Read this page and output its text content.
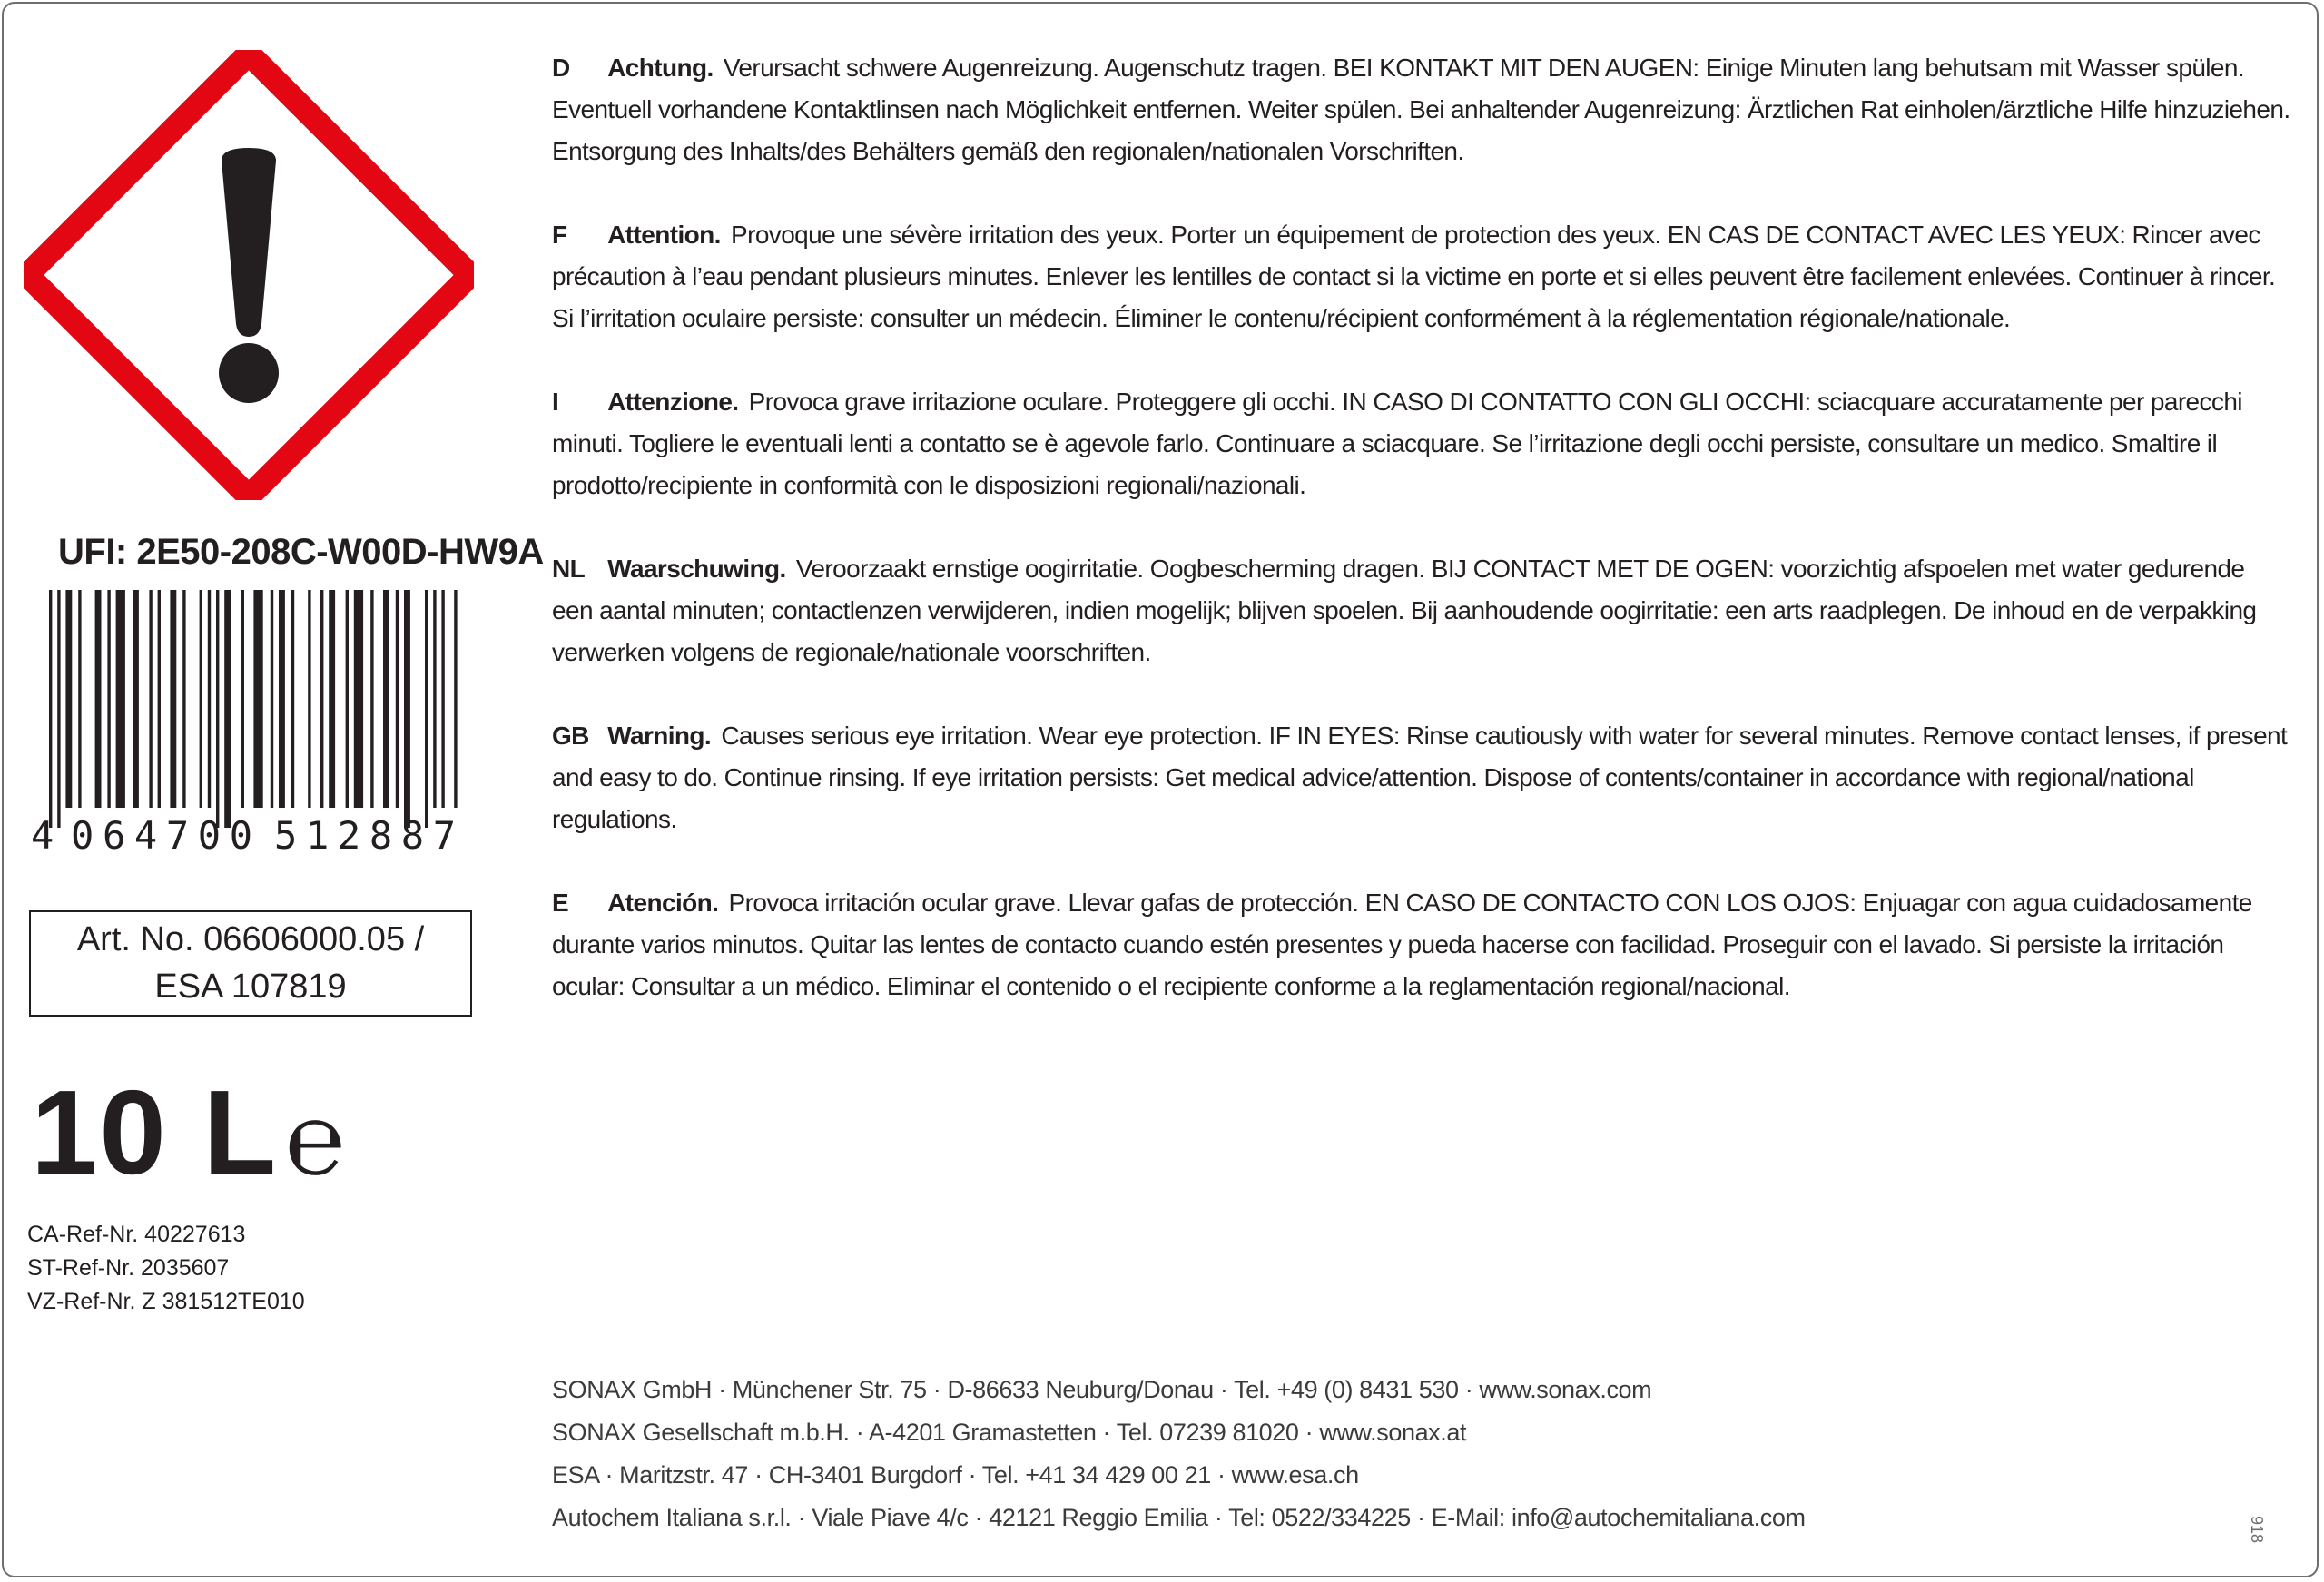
UFI: 2E50-208C-W00D-HW9A
4 064700 512887
Art. No. 06606000.05 /
ESA 107819
10 L℮
CA-Ref-Nr. 40227613
ST-Ref-Nr. 2035607
VZ-Ref-Nr. Z 381512TE010
D Achtung. Verursacht schwere Augenreizung. Augenschutz tragen. BEI KONTAKT MIT DEN AUGEN: Einige Minuten lang behutsam mit Wasser spülen. Eventuell vorhandene Kontaktlinsen nach Möglichkeit entfernen. Weiter spülen. Bei anhaltender Augenreizung: Ärztlichen Rat einholen/ärztliche Hilfe hinzuziehen. Entsorgung des Inhalts/des Behälters gemäß den regionalen/nationalen Vorschriften.
F Attention. Provoque une sévère irritation des yeux. Porter un équipement de protection des yeux. EN CAS DE CONTACT AVEC LES YEUX: Rincer avec précaution à l’eau pendant plusieurs minutes. Enlever les lentilles de contact si la victime en porte et si elles peuvent être facilement enlevées. Continuer à rincer. Si l’irritation oculaire persiste: consulter un médecin. Éliminer le contenu/récipient conformément à la réglementation régionale/nationale.
I Attenzione. Provoca grave irritazione oculare. Proteggere gli occhi. IN CASO DI CONTATTO CON GLI OCCHI: sciacquare accuratamente per parecchi minuti. Togliere le eventuali lenti a contatto se è agevole farlo. Continuare a sciacquare. Se l’irritazione degli occhi persiste, consultare un medico. Smaltire il prodotto/recipiente in conformità con le disposizioni regionali/nazionali.
NL Waarschuwing. Veroorzaakt ernstige oogirritatie. Oogbescherming dragen. BIJ CONTACT MET DE OGEN: voorzichtig afspoelen met water gedurende een aantal minuten; contactlenzen verwijderen, indien mogelijk; blijven spoelen. Bij aanhoudende oogirritatie: een arts raadplegen. De inhoud en de verpakking verwerken volgens de regionale/nationale voorschriften.
GB Warning. Causes serious eye irritation. Wear eye protection. IF IN EYES: Rinse cautiously with water for several minutes. Remove contact lenses, if present and easy to do. Continue rinsing. If eye irritation persists: Get medical advice/attention. Dispose of contents/container in accordance with regional/national regulations.
E Atención. Provoca irritación ocular grave. Llevar gafas de protección. EN CASO DE CONTACTO CON LOS OJOS: Enjuagar con agua cuidadosamente durante varios minutos. Quitar las lentes de contacto cuando estén presentes y pueda hacerse con facilidad. Proseguir con el lavado. Si persiste la irritación ocular: Consultar a un médico. Eliminar el contenido o el recipiente conforme a la reglamentación regional/nacional.
SONAX GmbH · Münchener Str. 75 · D-86633 Neuburg/Donau · Tel. +49 (0) 8431 530 · www.sonax.com
SONAX Gesellschaft m.b.H. · A-4201 Gramastetten · Tel. 07239 81020 · www.sonax.at
ESA · Maritzstr. 47 · CH-3401 Burgdorf · Tel. +41 34 429 00 21 · www.esa.ch
Autochem Italiana s.r.l. · Viale Piave 4/c · 42121 Reggio Emilia · Tel: 0522/334225 · E-Mail: info@autochemitaliana.com	918
